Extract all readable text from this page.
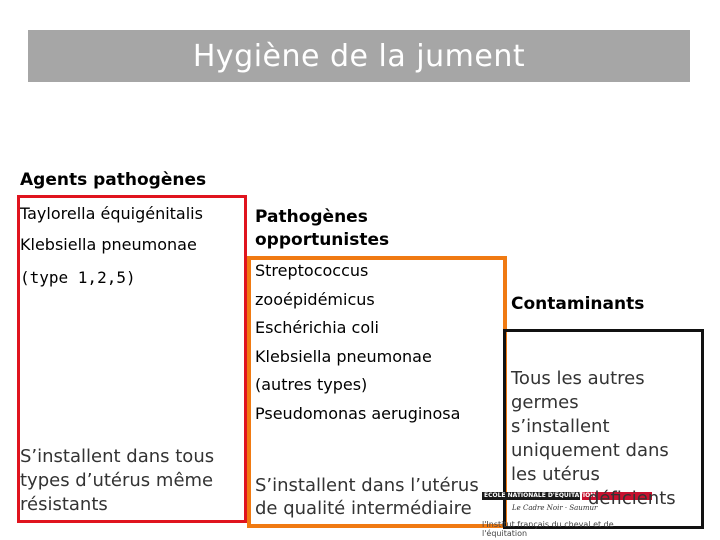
Hygiène de la jument
Agents pathogènes
Taylorella équigénitalis
Klebsiella pneumonae
(type 1,2,5)
S’installent dans tous
types d’utérus même
résistants
Pathogènes
opportunistes
Streptococcus
zooépidémicus
Eschérichia coli
Klebsiella pneumonae
(autres types)
Pseudomonas aeruginosa
S’installent dans l’utérus
de qualité intermédiaire
Contaminants
Tous les autres
germes
s’installent
uniquement dans
les utérus
Le Cadre Noir · Saumur
l'Institut français du cheval et de l'équitation
ECOLE NATIONALE D'EQUITATION
déficients
